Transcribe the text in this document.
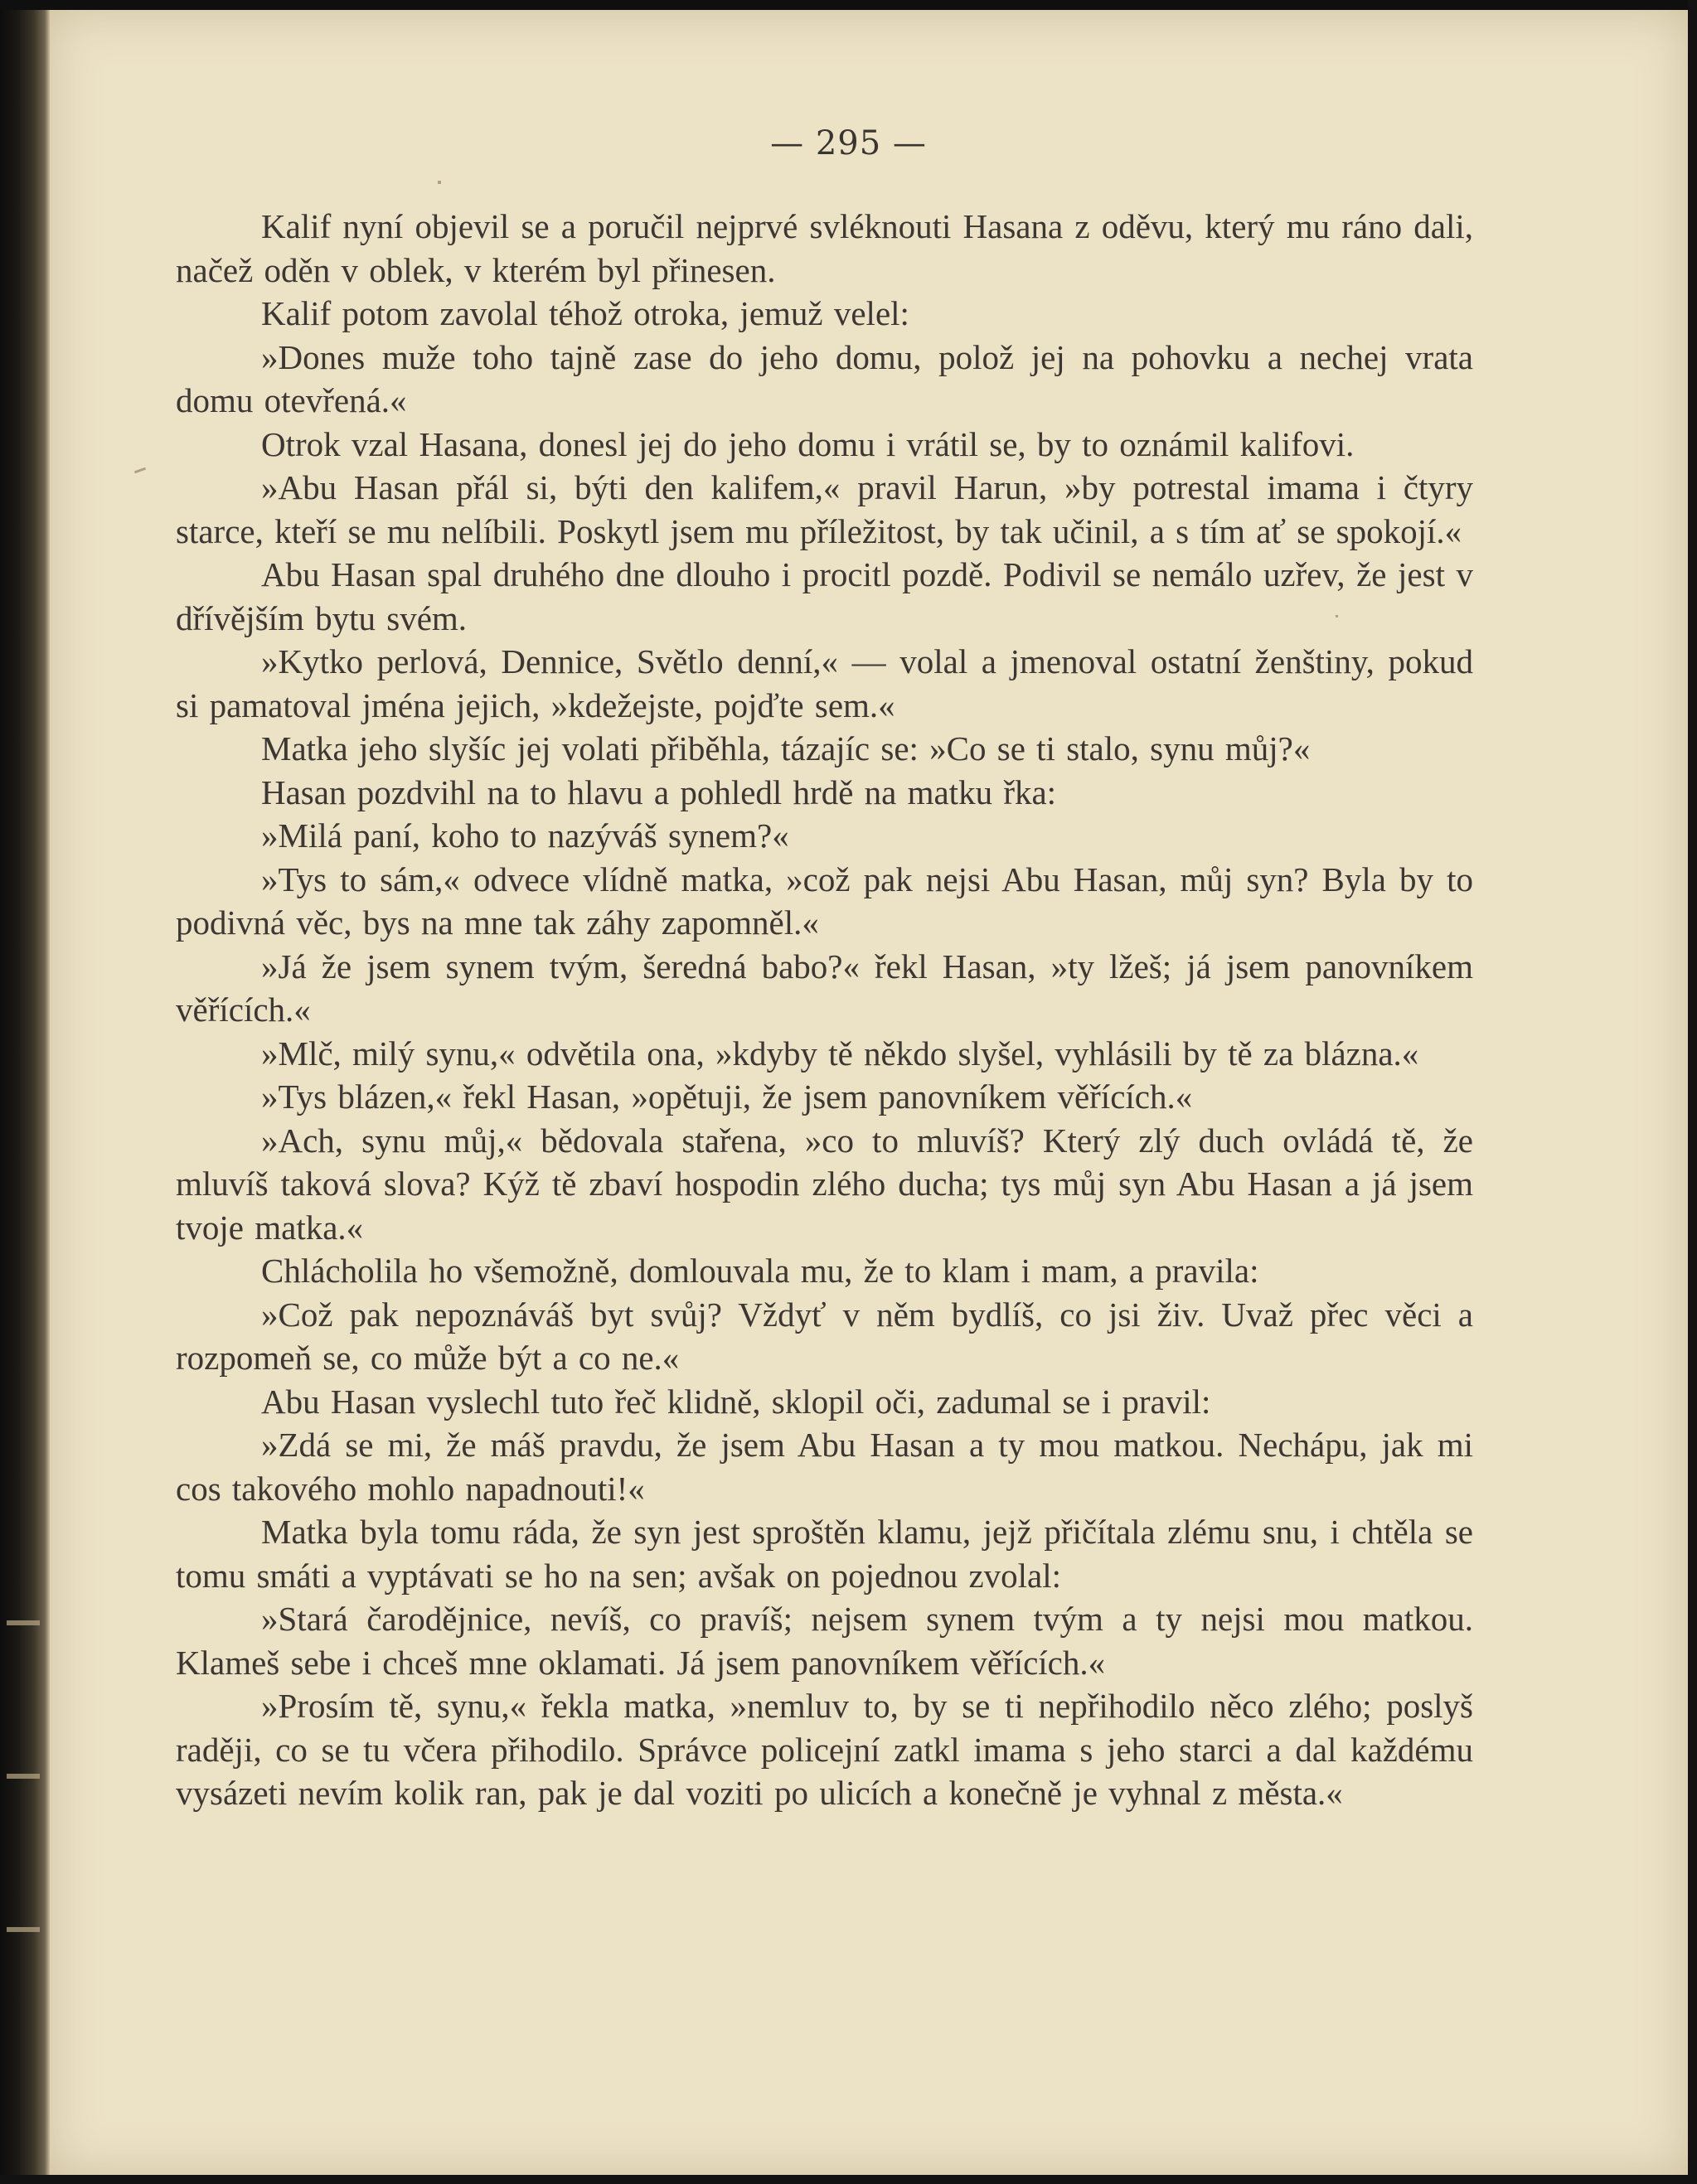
— 295 —

Kalif nyní objevil se a poručil nejprvé svléknouti Hasana z oděvu, který mu ráno dali, načež oděn v oblek, v kterém byl přinesen.

Kalif potom zavolal téhož otroka, jemuž velel:

»Dones muže toho tajně zase do jeho domu, polož jej na pohovku a nechej vrata domu otevřená.«

Otrok vzal Hasana, donesl jej do jeho domu i vrátil se, by to oznámil kalifovi.

»Abu Hasan přál si, býti den kalifem,« pravil Harun, »by potrestal imama i čtyry starce, kteří se mu nelíbili. Poskytl jsem mu příležitost, by tak učinil, a s tím ať se spokojí.«

Abu Hasan spal druhého dne dlouho i procitl pozdě. Podivil se nemálo uzřev, že jest v dřívějším bytu svém.

»Kytko perlová, Dennice, Světlo denní,« — volal a jmenoval ostatní ženštiny, pokud si pamatoval jména jejich, »kdežejste, pojďte sem.«

Matka jeho slyšíc jej volati přiběhla, tázajíc se: »Co se ti stalo, synu můj?«

Hasan pozdvihl na to hlavu a pohledl hrdě na matku řka:

»Milá paní, koho to nazýváš synem?«

»Tys to sám,« odvece vlídně matka, »což pak nejsi Abu Hasan, můj syn? Byla by to podivná věc, bys na mne tak záhy zapomněl.«

»Já že jsem synem tvým, šeredná babo?« řekl Hasan, »ty lžeš; já jsem panovníkem věřících.«

»Mlč, milý synu,« odvětila ona, »kdyby tě někdo slyšel, vyhlásili by tě za blázna.«

»Tys blázen,« řekl Hasan, »opětuji, že jsem panovníkem věřících.«

»Ach, synu můj,« bědovala stařena, »co to mluvíš? Který zlý duch ovládá tě, že mluvíš taková slova? Kýž tě zbaví hospodin zlého ducha; tys můj syn Abu Hasan a já jsem tvoje matka.«

Chlácholila ho všemožně, domlouvala mu, že to klam i mam, a pravila:

»Což pak nepoznáváš byt svůj? Vždyť v něm bydlíš, co jsi živ. Uvaž přec věci a rozpomeň se, co může být a co ne.«

Abu Hasan vyslechl tuto řeč klidně, sklopil oči, zadumal se i pravil:

»Zdá se mi, že máš pravdu, že jsem Abu Hasan a ty mou matkou. Nechápu, jak mi cos takového mohlo napadnouti!«

Matka byla tomu ráda, že syn jest sproštěn klamu, jejž přičítala zlému snu, i chtěla se tomu smáti a vyptávati se ho na sen; avšak on pojednou zvolal:

»Stará čarodějnice, nevíš, co pravíš; nejsem synem tvým a ty nejsi mou matkou. Klameš sebe i chceš mne oklamati. Já jsem panovníkem věřících.«

»Prosím tě, synu,« řekla matka, »nemluv to, by se ti nepřihodilo něco zlého; poslyš raději, co se tu včera přihodilo. Správce policejní zatkl imama s jeho starci a dal každému vysázeti nevím kolik ran, pak je dal voziti po ulicích a konečně je vyhnal z města.«
